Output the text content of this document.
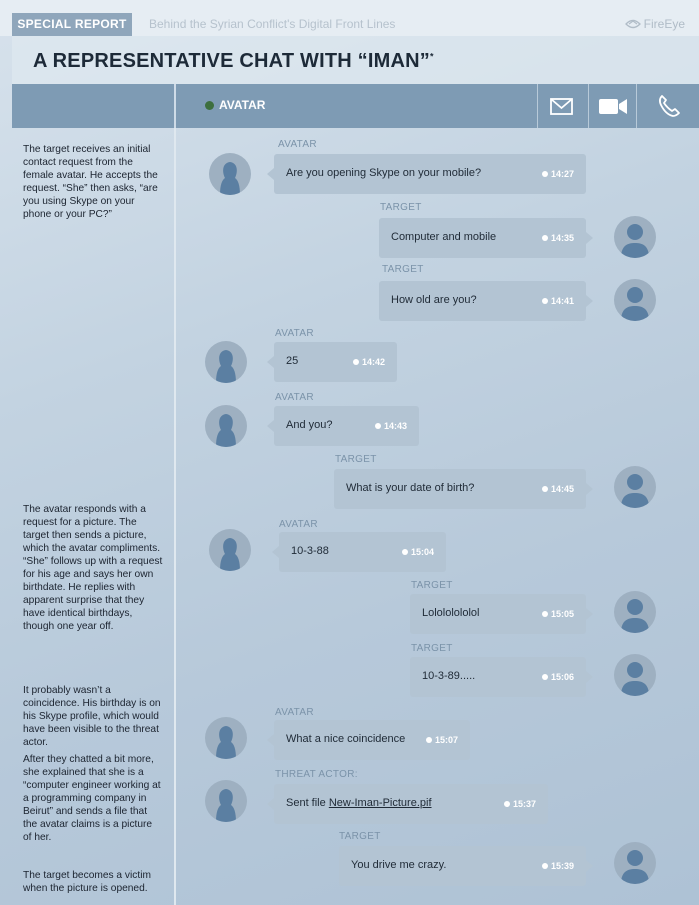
SPECIAL REPORT	Behind the Syrian Conflict's Digital Front Lines	FireEye
A REPRESENTATIVE CHAT WITH “IMAN”*
AVATAR

The target receives an initial contact request from the female avatar. He accepts the request. “She” then asks, “are you using Skype on your phone or your PC?”

The avatar responds with a request for a picture. The target then sends a picture, which the avatar compliments. “She” follows up with a request for his age and says her own birthdate. He replies with apparent surprise that they have identical birthdays, though one year off.

It probably wasn’t a coincidence. His birthday is on his Skype profile, which would have been visible to the threat actor.

After they chatted a bit more, she explained that she is a “computer engineer working at a programming company in Beirut” and sends a file that the avatar claims is a picture of her.

The target becomes a victim when the picture is opened.

AVATAR
Are you opening Skype on your mobile?	14:27
TARGET
Computer and mobile	14:35
TARGET
How old are you?	14:41
AVATAR
25	14:42
AVATAR
And you?	14:43
TARGET
What is your date of birth?	14:45
AVATAR
10-3-88	15:04
TARGET
Lolololololol	15:05
TARGET
10-3-89.....	15:06
AVATAR
What a nice coincidence	15:07
THREAT ACTOR:
Sent file New-Iman-Picture.pif	15:37
TARGET
You drive me crazy.	15:39
